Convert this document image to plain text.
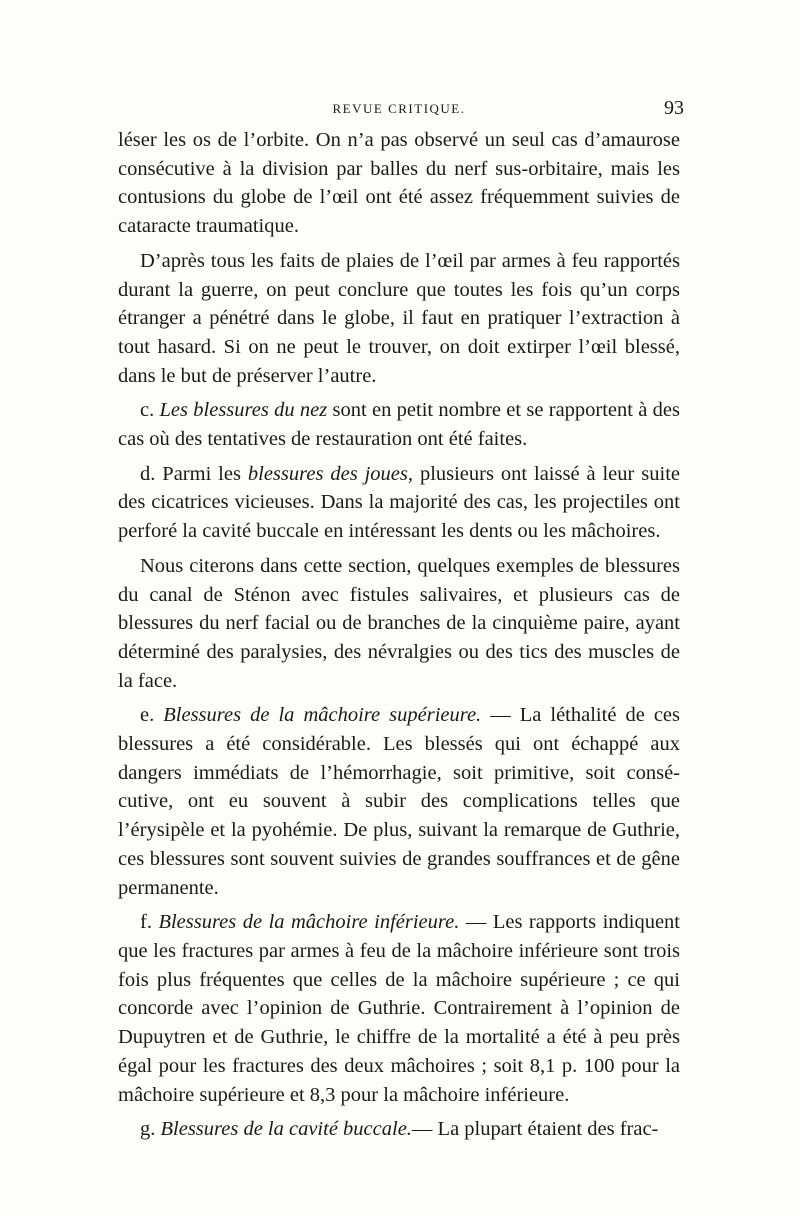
REVUE CRITIQUE.	93

léser les os de l’orbite. On n’a pas observé un seul cas d’amaurose consécutive à la division par balles du nerf sus-orbitaire, mais les contusions du globe de l’œil ont été assez fréquemment suivies de cataracte traumatique.

D’après tous les faits de plaies de l’œil par armes à feu rapportés durant la guerre, on peut conclure que toutes les fois qu’un corps étranger a pénétré dans le globe, il faut en pratiquer l’extraction à tout hasard. Si on ne peut le trouver, on doit extirper l’œil blessé, dans le but de préserver l’autre.

c. Les blessures du nez sont en petit nombre et se rapportent à des cas où des tentatives de restauration ont été faites.

d. Parmi les blessures des joues, plusieurs ont laissé à leur suite des cicatrices vicieuses. Dans la majorité des cas, les projectiles ont perforé la cavité buccale en intéressant les dents ou les mâchoires.

Nous citerons dans cette section, quelques exemples de blessures du canal de Sténon avec fistules salivaires, et plusieurs cas de blessures du nerf facial ou de branches de la cinquième paire, ayant déterminé des paralysies, des névralgies ou des tics des muscles de la face.

e. Blessures de la mâchoire supérieure. — La léthalité de ces blessures a été considérable. Les blessés qui ont échappé aux dangers immédiats de l’hémorrhagie, soit primitive, soit consécutive, ont eu souvent à subir des complications telles que l’érysipèle et la pyohémie. De plus, suivant la remarque de Guthrie, ces blessures sont souvent suivies de grandes souffrances et de gêne permanente.

f. Blessures de la mâchoire inférieure. — Les rapports indiquent que les fractures par armes à feu de la mâchoire inférieure sont trois fois plus fréquentes que celles de la mâchoire supérieure ; ce qui concorde avec l’opinion de Guthrie. Contrairement à l’opinion de Dupuytren et de Guthrie, le chiffre de la mortalité a été à peu près égal pour les fractures des deux mâchoires ; soit 8,1 p. 100 pour la mâchoire supérieure et 8,3 pour la mâchoire inférieure.

g. Blessures de la cavité buccale.— La plupart étaient des frac-
